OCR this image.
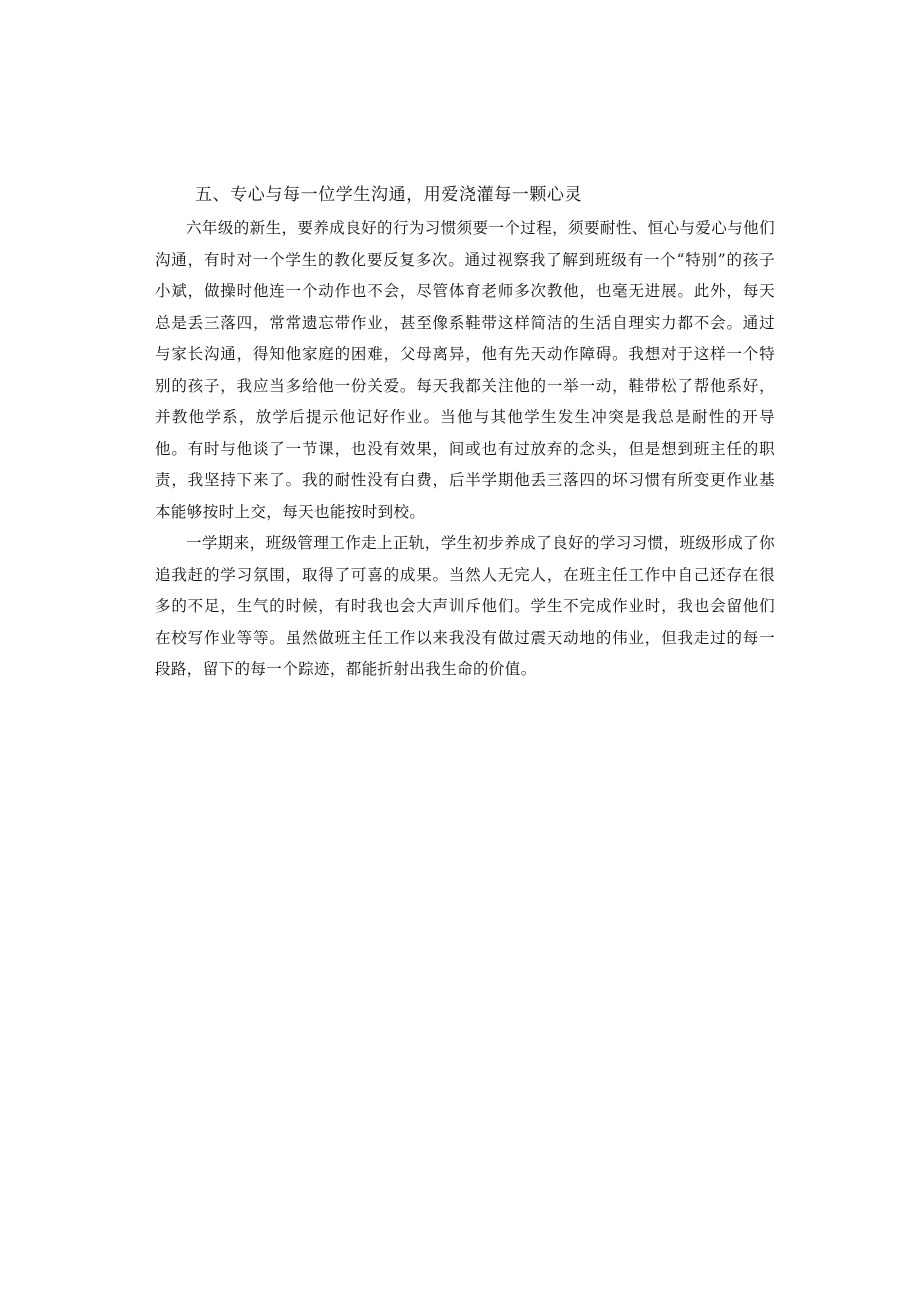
五、专心与每一位学生沟通，用爱浇灌每一颗心灵

六年级的新生，要养成良好的行为习惯须要一个过程，须要耐性、恒心与爱心与他们沟通，有时对一个学生的教化要反复多次。通过视察我了解到班级有一个“特别”的孩子小斌，做操时他连一个动作也不会，尽管体育老师多次教他，也毫无进展。此外，每天总是丢三落四，常常遗忘带作业，甚至像系鞋带这样简洁的生活自理实力都不会。通过与家长沟通，得知他家庭的困难，父母离异，他有先天动作障碍。我想对于这样一个特别的孩子，我应当多给他一份关爱。每天我都关注他的一举一动，鞋带松了帮他系好，并教他学系，放学后提示他记好作业。当他与其他学生发生冲突是我总是耐性的开导他。有时与他谈了一节课，也没有效果，间或也有过放弃的念头，但是想到班主任的职责，我坚持下来了。我的耐性没有白费，后半学期他丢三落四的坏习惯有所变更作业基本能够按时上交，每天也能按时到校。

一学期来，班级管理工作走上正轨，学生初步养成了良好的学习习惯，班级形成了你追我赶的学习氛围，取得了可喜的成果。当然人无完人，在班主任工作中自己还存在很多的不足，生气的时候，有时我也会大声训斥他们。学生不完成作业时，我也会留他们在校写作业等等。虽然做班主任工作以来我没有做过震天动地的伟业，但我走过的每一段路，留下的每一个踪迹，都能折射出我生命的价值。
